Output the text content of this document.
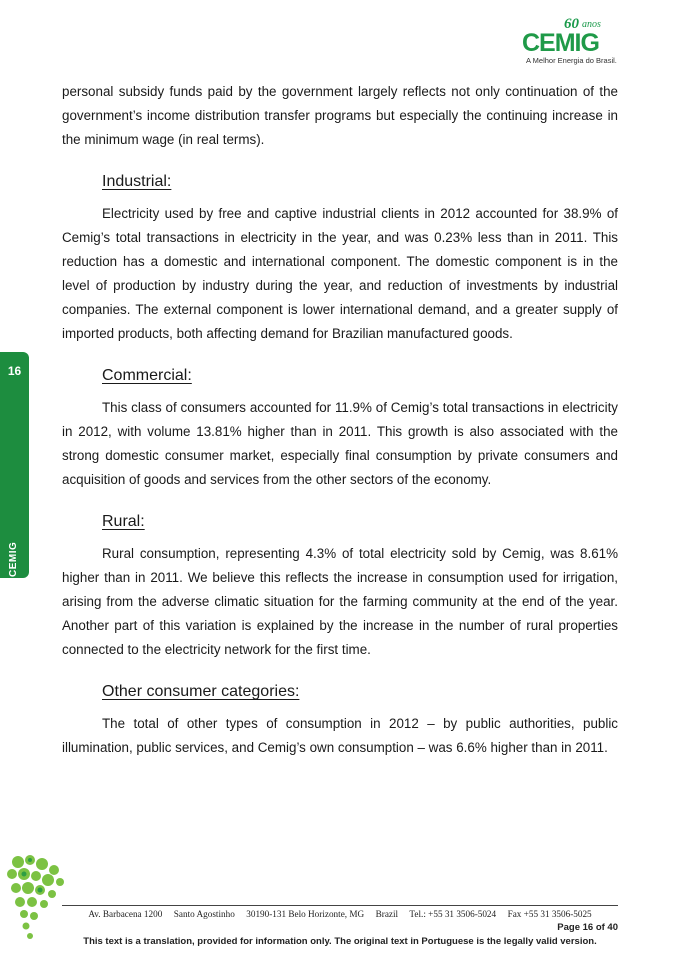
60 anos
CEMIG
A Melhor Energia do Brasil.
16
CEMIG

personal subsidy funds paid by the government largely reflects not only continuation of the government’s income distribution transfer programs but especially the continuing increase in the minimum wage (in real terms).

Industrial:

Electricity used by free and captive industrial clients in 2012 accounted for 38.9% of Cemig’s total transactions in electricity in the year, and was 0.23% less than in 2011. This reduction has a domestic and international component. The domestic component is in the level of production by industry during the year, and reduction of investments by industrial companies. The external component is lower international demand, and a greater supply of imported products, both affecting demand for Brazilian manufactured goods.

Commercial:

This class of consumers accounted for 11.9% of Cemig’s total transactions in electricity in 2012, with volume 13.81% higher than in 2011. This growth is also associated with the strong domestic consumer market, especially final consumption by private consumers and acquisition of goods and services from the other sectors of the economy.

Rural:

Rural consumption, representing 4.3% of total electricity sold by Cemig, was 8.61% higher than in 2011. We believe this reflects the increase in consumption used for irrigation, arising from the adverse climatic situation for the farming community at the end of the year. Another part of this variation is explained by the increase in the number of rural properties connected to the electricity network for the first time.

Other consumer categories:

The total of other types of consumption in 2012 – by public authorities, public illumination, public services, and Cemig’s own consumption – was 6.6% higher than in 2011.

Av. Barbacena 1200     Santo Agostinho     30190-131 Belo Horizonte, MG     Brazil     Tel.: +55 31 3506-5024     Fax +55 31 3506-5025
Page 16 of 40
This text is a translation, provided for information only. The original text in Portuguese is the legally valid version.
